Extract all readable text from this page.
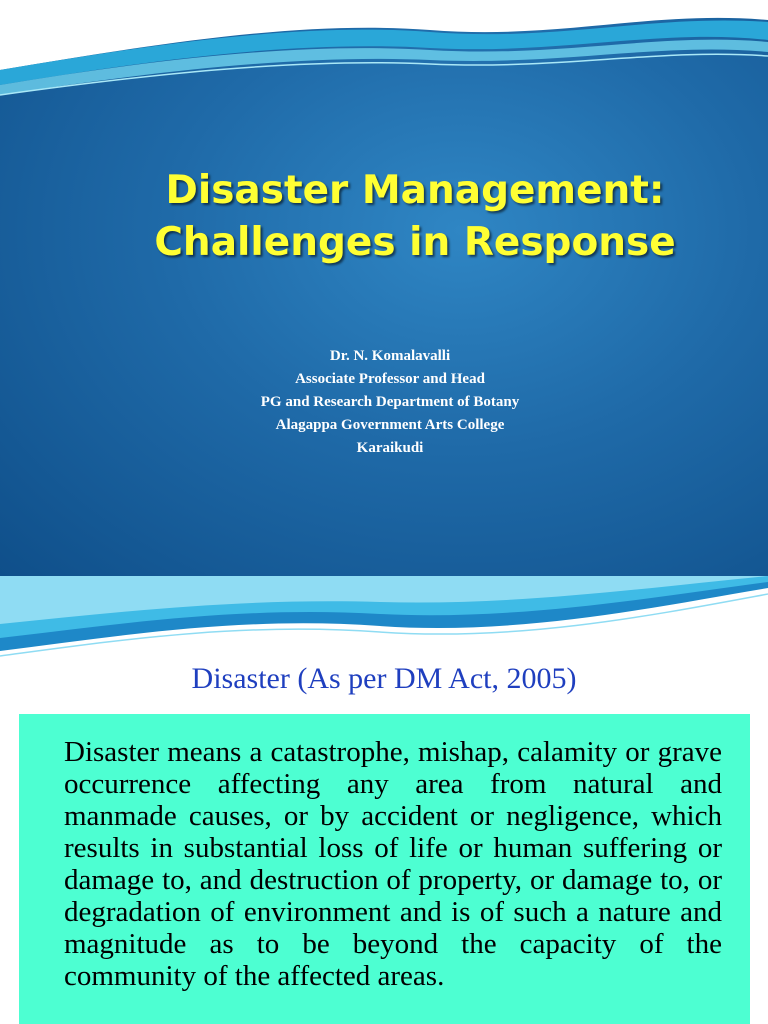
Disaster Management:
Challenges in Response
Dr. N. Komalavalli
Associate Professor and Head
PG and Research Department of Botany
Alagappa Government Arts College
Karaikudi
Disaster (As per DM Act, 2005)
Disaster means a catastrophe, mishap, calamity or grave occurrence affecting any area from natural and manmade causes, or by accident or negligence, which results in substantial loss of life or human suffering or damage to, and destruction of property, or damage to, or degradation of environment and is of such a nature and magnitude as to be beyond the capacity of the community of the affected areas.
